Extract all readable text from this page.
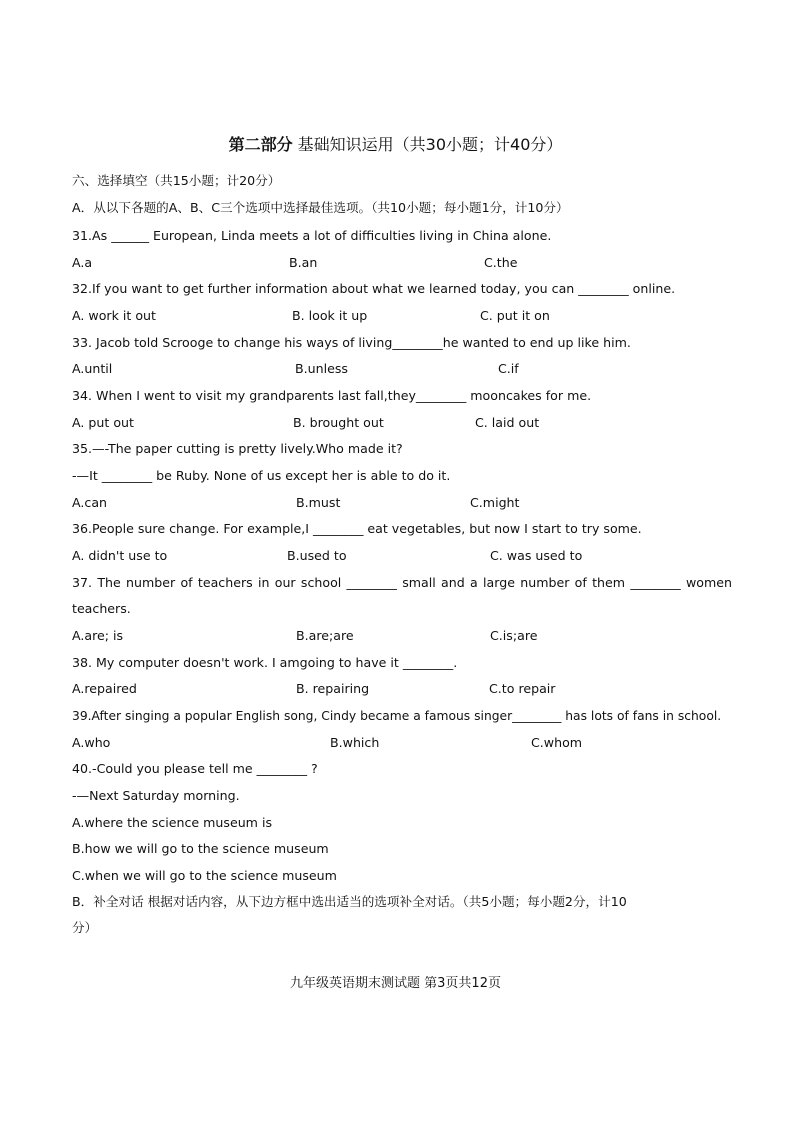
第二部分 基础知识运用（共30小题；计40分）
六、选择填空（共15小题；计20分）
A．从以下各题的A、B、C三个选项中选择最佳选项。（共10小题；每小题1分，计10分）
31.As ______ European, Linda meets a lot of difficulties living in China alone.
A.a	B.an	C.the
32.If you want to get further information about what we learned today, you can ________ online.
A. work it out	B. look it up	C. put it on
33. Jacob told Scrooge to change his ways of living________he wanted to end up like him.
A.until	B.unless	C.if
34. When I went to visit my grandparents last fall,they________ mooncakes for me.
A. put out	B. brought out	C. laid out
35.—-The paper cutting is pretty lively.Who made it?
-—It ________ be Ruby. None of us except her is able to do it.
A.can	B.must	C.might
36.People sure change. For example,I ________ eat vegetables, but now I start to try some.
A. didn't use to	B.used to	C. was used to
37. The number of teachers in our school ________ small and a large number of them ________ women
teachers.
A.are; is	B.are;are	C.is;are
38. My computer doesn't work. I amgoing to have it ________.
A.repaired	B. repairing	C.to repair
39.After singing a popular English song, Cindy became a famous singer________ has lots of fans in school.
A.who	B.which	C.whom
40.-Could you please tell me ________ ?
-—Next Saturday morning.
A.where the science museum is
B.how we will go to the science museum
C.when we will go to the science museum
B．补全对话 根据对话内容，从下边方框中选出适当的选项补全对话。（共5小题；每小题2分，计10
分）
九年级英语期末测试题 第3页共12页
